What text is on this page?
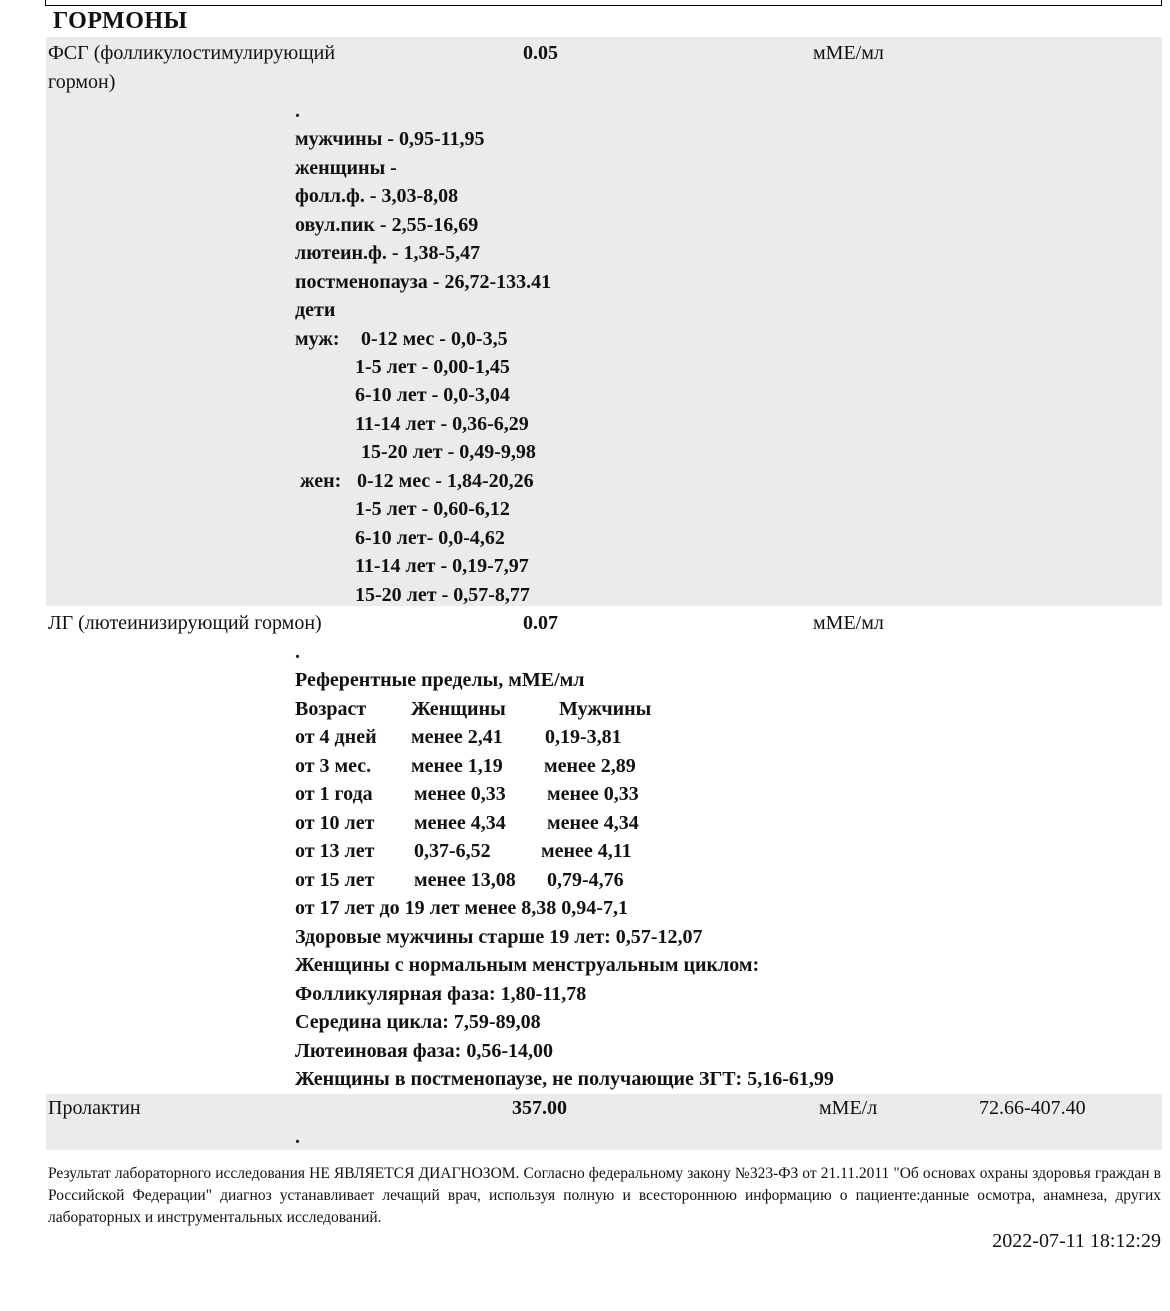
ГОРМОНЫ
ФСГ (фолликулостимулирующий гормон)
0.05	мМЕ/мл
.
мужчины - 0,95-11,95
женщины -
фолл.ф. - 3,03-8,08
овул.пик - 2,55-16,69
лютеин.ф. - 1,38-5,47
постменопауза - 26,72-133.41
дети
муж: 0-12 мес - 0,0-3,5
1-5 лет - 0,00-1,45
6-10 лет - 0,0-3,04
11-14 лет - 0,36-6,29
15-20 лет - 0,49-9,98
жен: 0-12 мес - 1,84-20,26
1-5 лет - 0,60-6,12
6-10 лет- 0,0-4,62
11-14 лет - 0,19-7,97
15-20 лет - 0,57-8,77
ЛГ (лютеинизирующий гормон)	0.07	мМЕ/мл
.
Референтные пределы, мМЕ/мл
Возраст Женщины	Мужчины
от 4 дней менее 2,41 0,19-3,81
от 3 мес. менее 1,19 менее 2,89
от 1 года менее 0,33 менее 0,33
от 10 лет менее 4,34 менее 4,34
от 13 лет 0,37-6,52	менее 4,11
от 15 лет менее 13,08 0,79-4,76
от 17 лет до 19 лет менее 8,38 0,94-7,1
Здоровые мужчины старше 19 лет: 0,57-12,07
Женщины с нормальным менструальным циклом:
Фолликулярная фаза: 1,80-11,78
Середина цикла: 7,59-89,08
Лютеиновая фаза: 0,56-14,00
Женщины в постменопаузе, не получающие ЗГТ: 5,16-61,99
Пролактин	357.00	мМЕ/л	72.66-407.40
.
Результат лабораторного исследования НЕ ЯВЛЯЕТСЯ ДИАГНОЗОМ. Согласно федеральному закону №323-ФЗ от 21.11.2011 "Об основах охраны здоровья граждан в Российской Федерации" диагноз устанавливает лечащий врач, используя полную и всестороннюю информацию о пациенте:данные осмотра, анамнеза, других лабораторных и инструментальных исследований.
2022-07-11 18:12:29
